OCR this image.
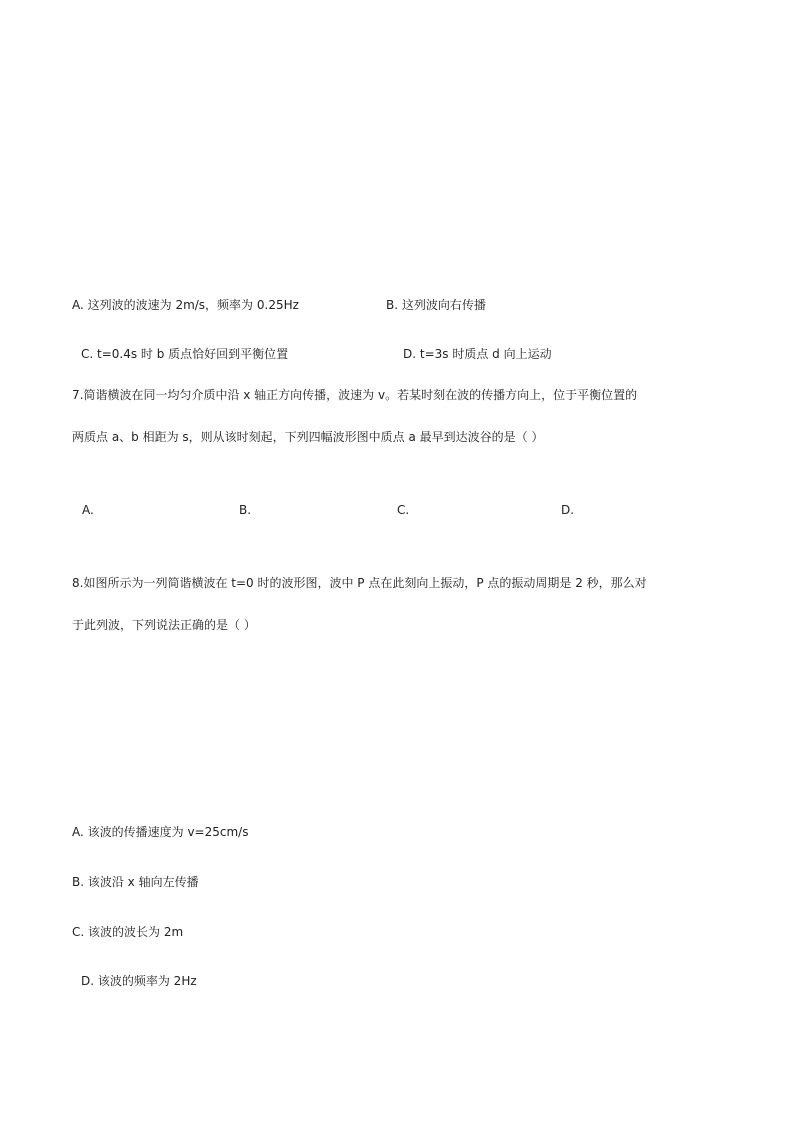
y/cm
x/m
O
1 1.6	3 4 5
a
b
c
d
e
A. 这列波的波速为 2m/s，频率为 0.25Hz	B. 这列波向右传播
C. t=0.4s 时 b 质点恰好回到平衡位置	D. t=3s 时质点 d 向上运动
7.简谐横波在同一均匀介质中沿 x 轴正方向传播，波速为 v。若某时刻在波的传播方向上，位于平衡位置的
两质点 a、b 相距为 s，则从该时刻起，下列四幅波形图中质点 a 最早到达波谷的是（ ）
A.
y
a	b
O
x
B.
y
a	b
O
x
C.
y
a	b
O
x
D.
y
a	b
O
x
8.如图所示为一列简谐横波在 t=0 时的波形图，波中 P 点在此刻向上振动，P 点的振动周期是 2 秒，那么对
于此列波，下列说法正确的是（ ）
y/cm
x/cm
0.2
0 50 100 150 200
P
A. 该波的传播速度为 v=25cm/s
B. 该波沿 x 轴向左传播
C. 该波的波长为 2m
D. 该波的频率为 2Hz
